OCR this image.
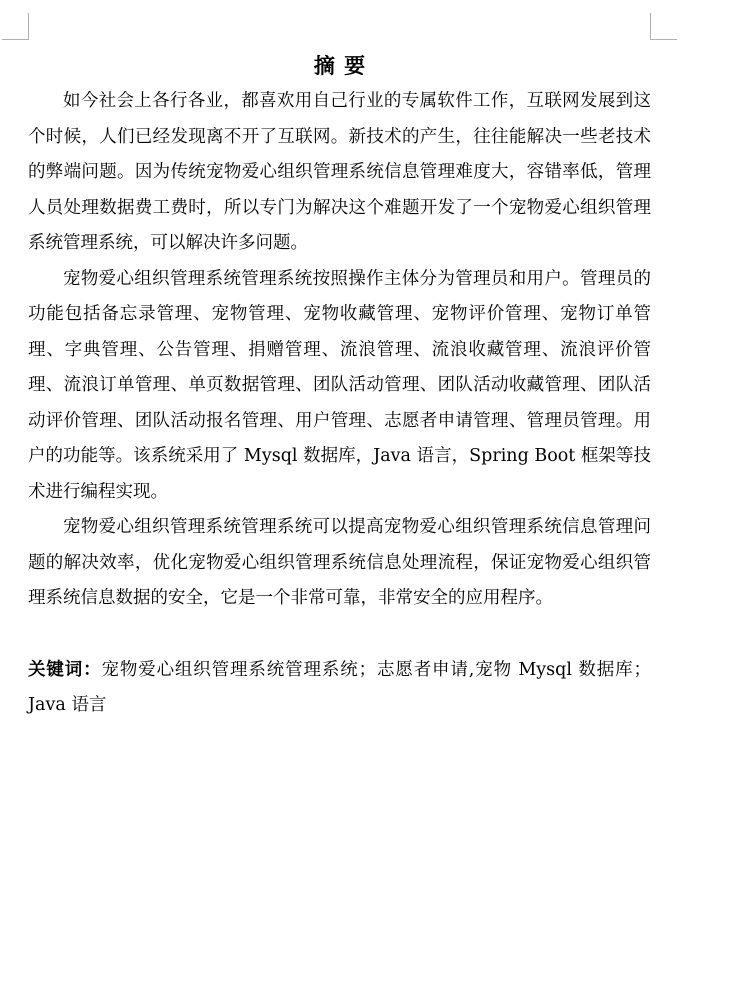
摘 要

如今社会上各行各业，都喜欢用自己行业的专属软件工作，互联网发展到这个时候，人们已经发现离不开了互联网。新技术的产生，往往能解决一些老技术的弊端问题。因为传统宠物爱心组织管理系统信息管理难度大，容错率低，管理人员处理数据费工费时，所以专门为解决这个难题开发了一个宠物爱心组织管理系统管理系统，可以解决许多问题。

宠物爱心组织管理系统管理系统按照操作主体分为管理员和用户。管理员的功能包括备忘录管理、宠物管理、宠物收藏管理、宠物评价管理、宠物订单管理、字典管理、公告管理、捐赠管理、流浪管理、流浪收藏管理、流浪评价管理、流浪订单管理、单页数据管理、团队活动管理、团队活动收藏管理、团队活动评价管理、团队活动报名管理、用户管理、志愿者申请管理、管理员管理。用户的功能等。该系统采用了 Mysql 数据库，Java 语言，Spring Boot 框架等技术进行编程实现。

宠物爱心组织管理系统管理系统可以提高宠物爱心组织管理系统信息管理问题的解决效率，优化宠物爱心组织管理系统信息处理流程，保证宠物爱心组织管理系统信息数据的安全，它是一个非常可靠，非常安全的应用程序。

关键词：宠物爱心组织管理系统管理系统；志愿者申请,宠物 Mysql 数据库；Java 语言
